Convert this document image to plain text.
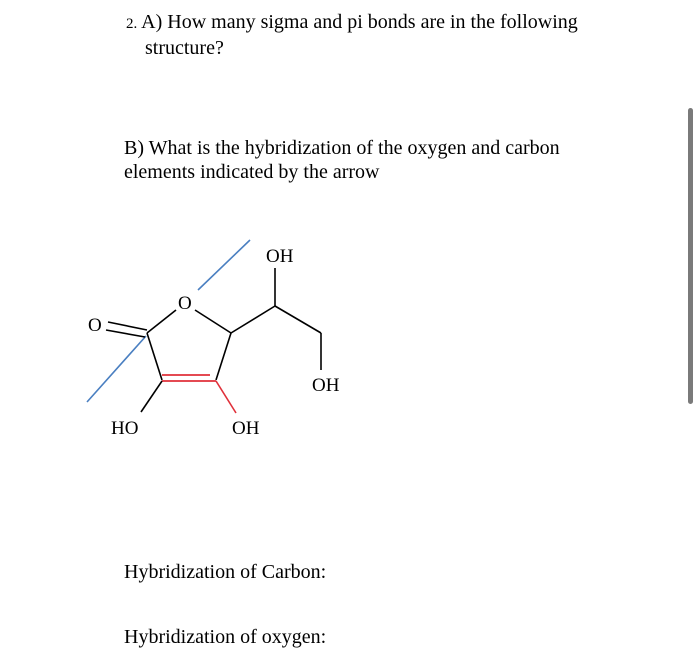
2. A) How many sigma and pi bonds are in the following
structure?
B) What is the hybridization of the oxygen and carbon
elements indicated by the arrow
O
O
OH
OH
HO	OH
Hybridization of Carbon:
Hybridization of oxygen:
